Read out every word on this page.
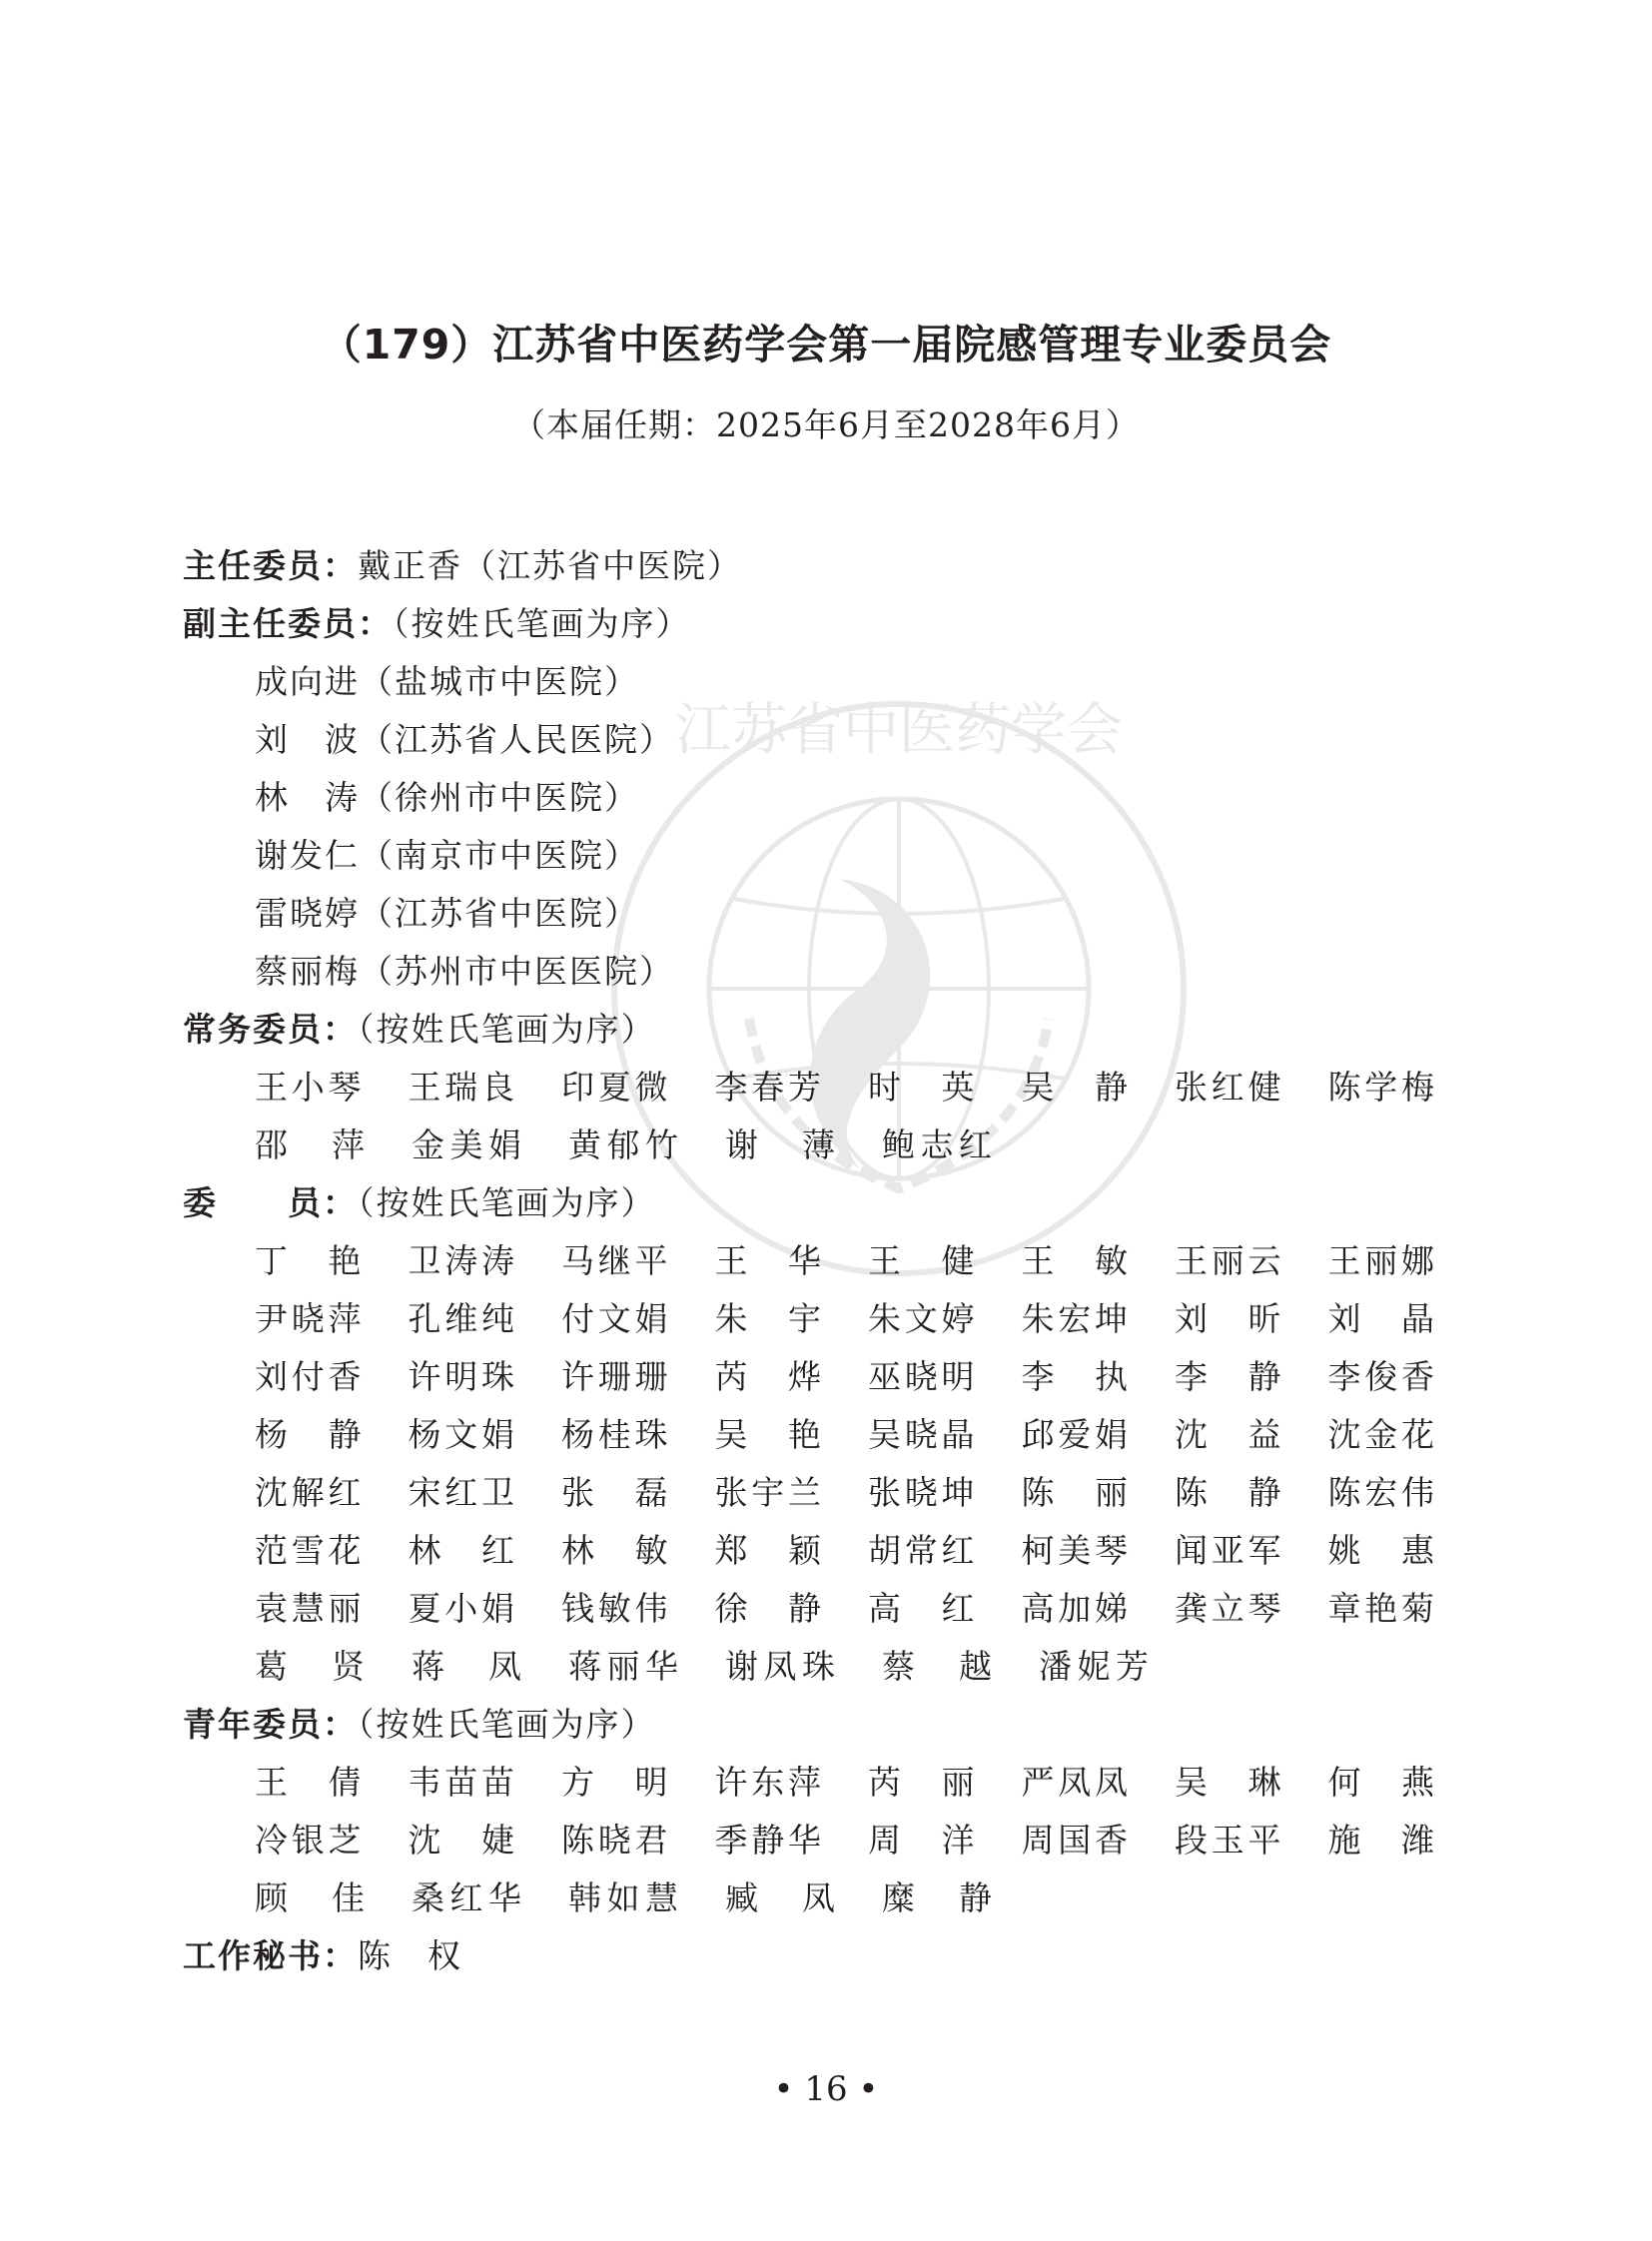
江苏省中医药学会
（179）江苏省中医药学会第一届院感管理专业委员会
（本届任期：2025年6月至2028年6月）
主任委员：戴正香（江苏省中医院）
副主任委员：（按姓氏笔画为序）
成向进（盐城市中医院）
刘　波（江苏省人民医院）
林　涛（徐州市中医院）
谢发仁（南京市中医院）
雷晓婷（江苏省中医院）
蔡丽梅（苏州市中医医院）
常务委员：（按姓氏笔画为序）
王小琴	王瑞良	印夏微	李春芳	时　英	吴　静	张红健	陈学梅
邵　萍	金美娟	黄郁竹	谢　薄	鲍志红
委　　员：（按姓氏笔画为序）
丁　艳	卫涛涛	马继平	王　华	王　健	王　敏	王丽云	王丽娜
尹晓萍	孔维纯	付文娟	朱　宇	朱文婷	朱宏坤	刘　昕	刘　晶
刘付香	许明珠	许珊珊	芮　烨	巫晓明	李　执	李　静	李俊香
杨　静	杨文娟	杨桂珠	吴　艳	吴晓晶	邱爱娟	沈　益	沈金花
沈解红	宋红卫	张　磊	张宇兰	张晓坤	陈　丽	陈　静	陈宏伟
范雪花	林　红	林　敏	郑　颖	胡常红	柯美琴	闻亚军	姚　惠
袁慧丽	夏小娟	钱敏伟	徐　静	高　红	高加娣	龚立琴	章艳菊
葛　贤	蒋　凤	蒋丽华	谢凤珠	蔡　越	潘妮芳
青年委员：（按姓氏笔画为序）
王　倩	韦苗苗	方　明	许东萍	芮　丽	严凤凤	吴　琳	何　燕
冷银芝	沈　婕	陈晓君	季静华	周　洋	周国香	段玉平	施　潍
顾　佳	桑红华	韩如慧	臧　凤	糜　静
工作秘书：陈　权
• 16 •
